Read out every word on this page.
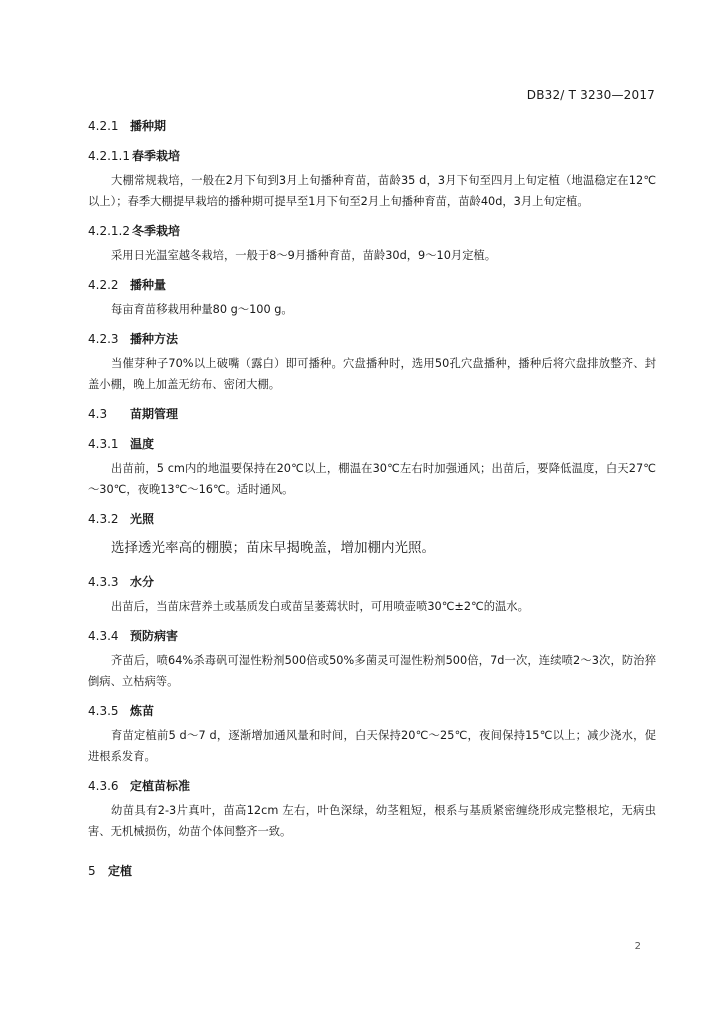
DB32/ T 3230—2017
4.2.1 播种期
4.2.1.1 春季栽培

大棚常规栽培，一般在2月下旬到3月上旬播种育苗，苗龄35 d，3月下旬至四月上旬定植（地温稳定在12℃以上）；春季大棚提早栽培的播种期可提早至1月下旬至2月上旬播种育苗，苗龄40d，3月上旬定植。

4.2.1.2 冬季栽培

采用日光温室越冬栽培，一般于8～9月播种育苗，苗龄30d，9～10月定植。

4.2.2 播种量

每亩育苗移栽用种量80 g～100 g。

4.2.3 播种方法

当催芽种子70%以上破嘴（露白）即可播种。穴盘播种时，选用50孔穴盘播种，播种后将穴盘排放整齐、封盖小棚，晚上加盖无纺布、密闭大棚。

4.3 苗期管理
4.3.1 温度

出苗前，5 cm内的地温要保持在20℃以上，棚温在30℃左右时加强通风；出苗后，要降低温度，白天27℃～30℃，夜晚13℃～16℃。适时通风。

4.3.2 光照

选择透光率高的棚膜；苗床早揭晚盖，增加棚内光照。

4.3.3 水分

出苗后，当苗床营养土或基质发白或苗呈萎蔫状时，可用喷壶喷30℃±2℃的温水。

4.3.4 预防病害

齐苗后，喷64%杀毒矾可湿性粉剂500倍或50%多菌灵可湿性粉剂500倍，7d一次，连续喷2～3次，防治猝倒病、立枯病等。

4.3.5 炼苗

育苗定植前5 d～7 d，逐渐增加通风量和时间，白天保持20℃～25℃，夜间保持15℃以上；减少浇水，促进根系发育。

4.3.6 定植苗标准

幼苗具有2-3片真叶，苗高12cm 左右，叶色深绿，幼茎粗短，根系与基质紧密缠绕形成完整根坨，无病虫害、无机械损伤，幼苗个体间整齐一致。

5 定植
2
